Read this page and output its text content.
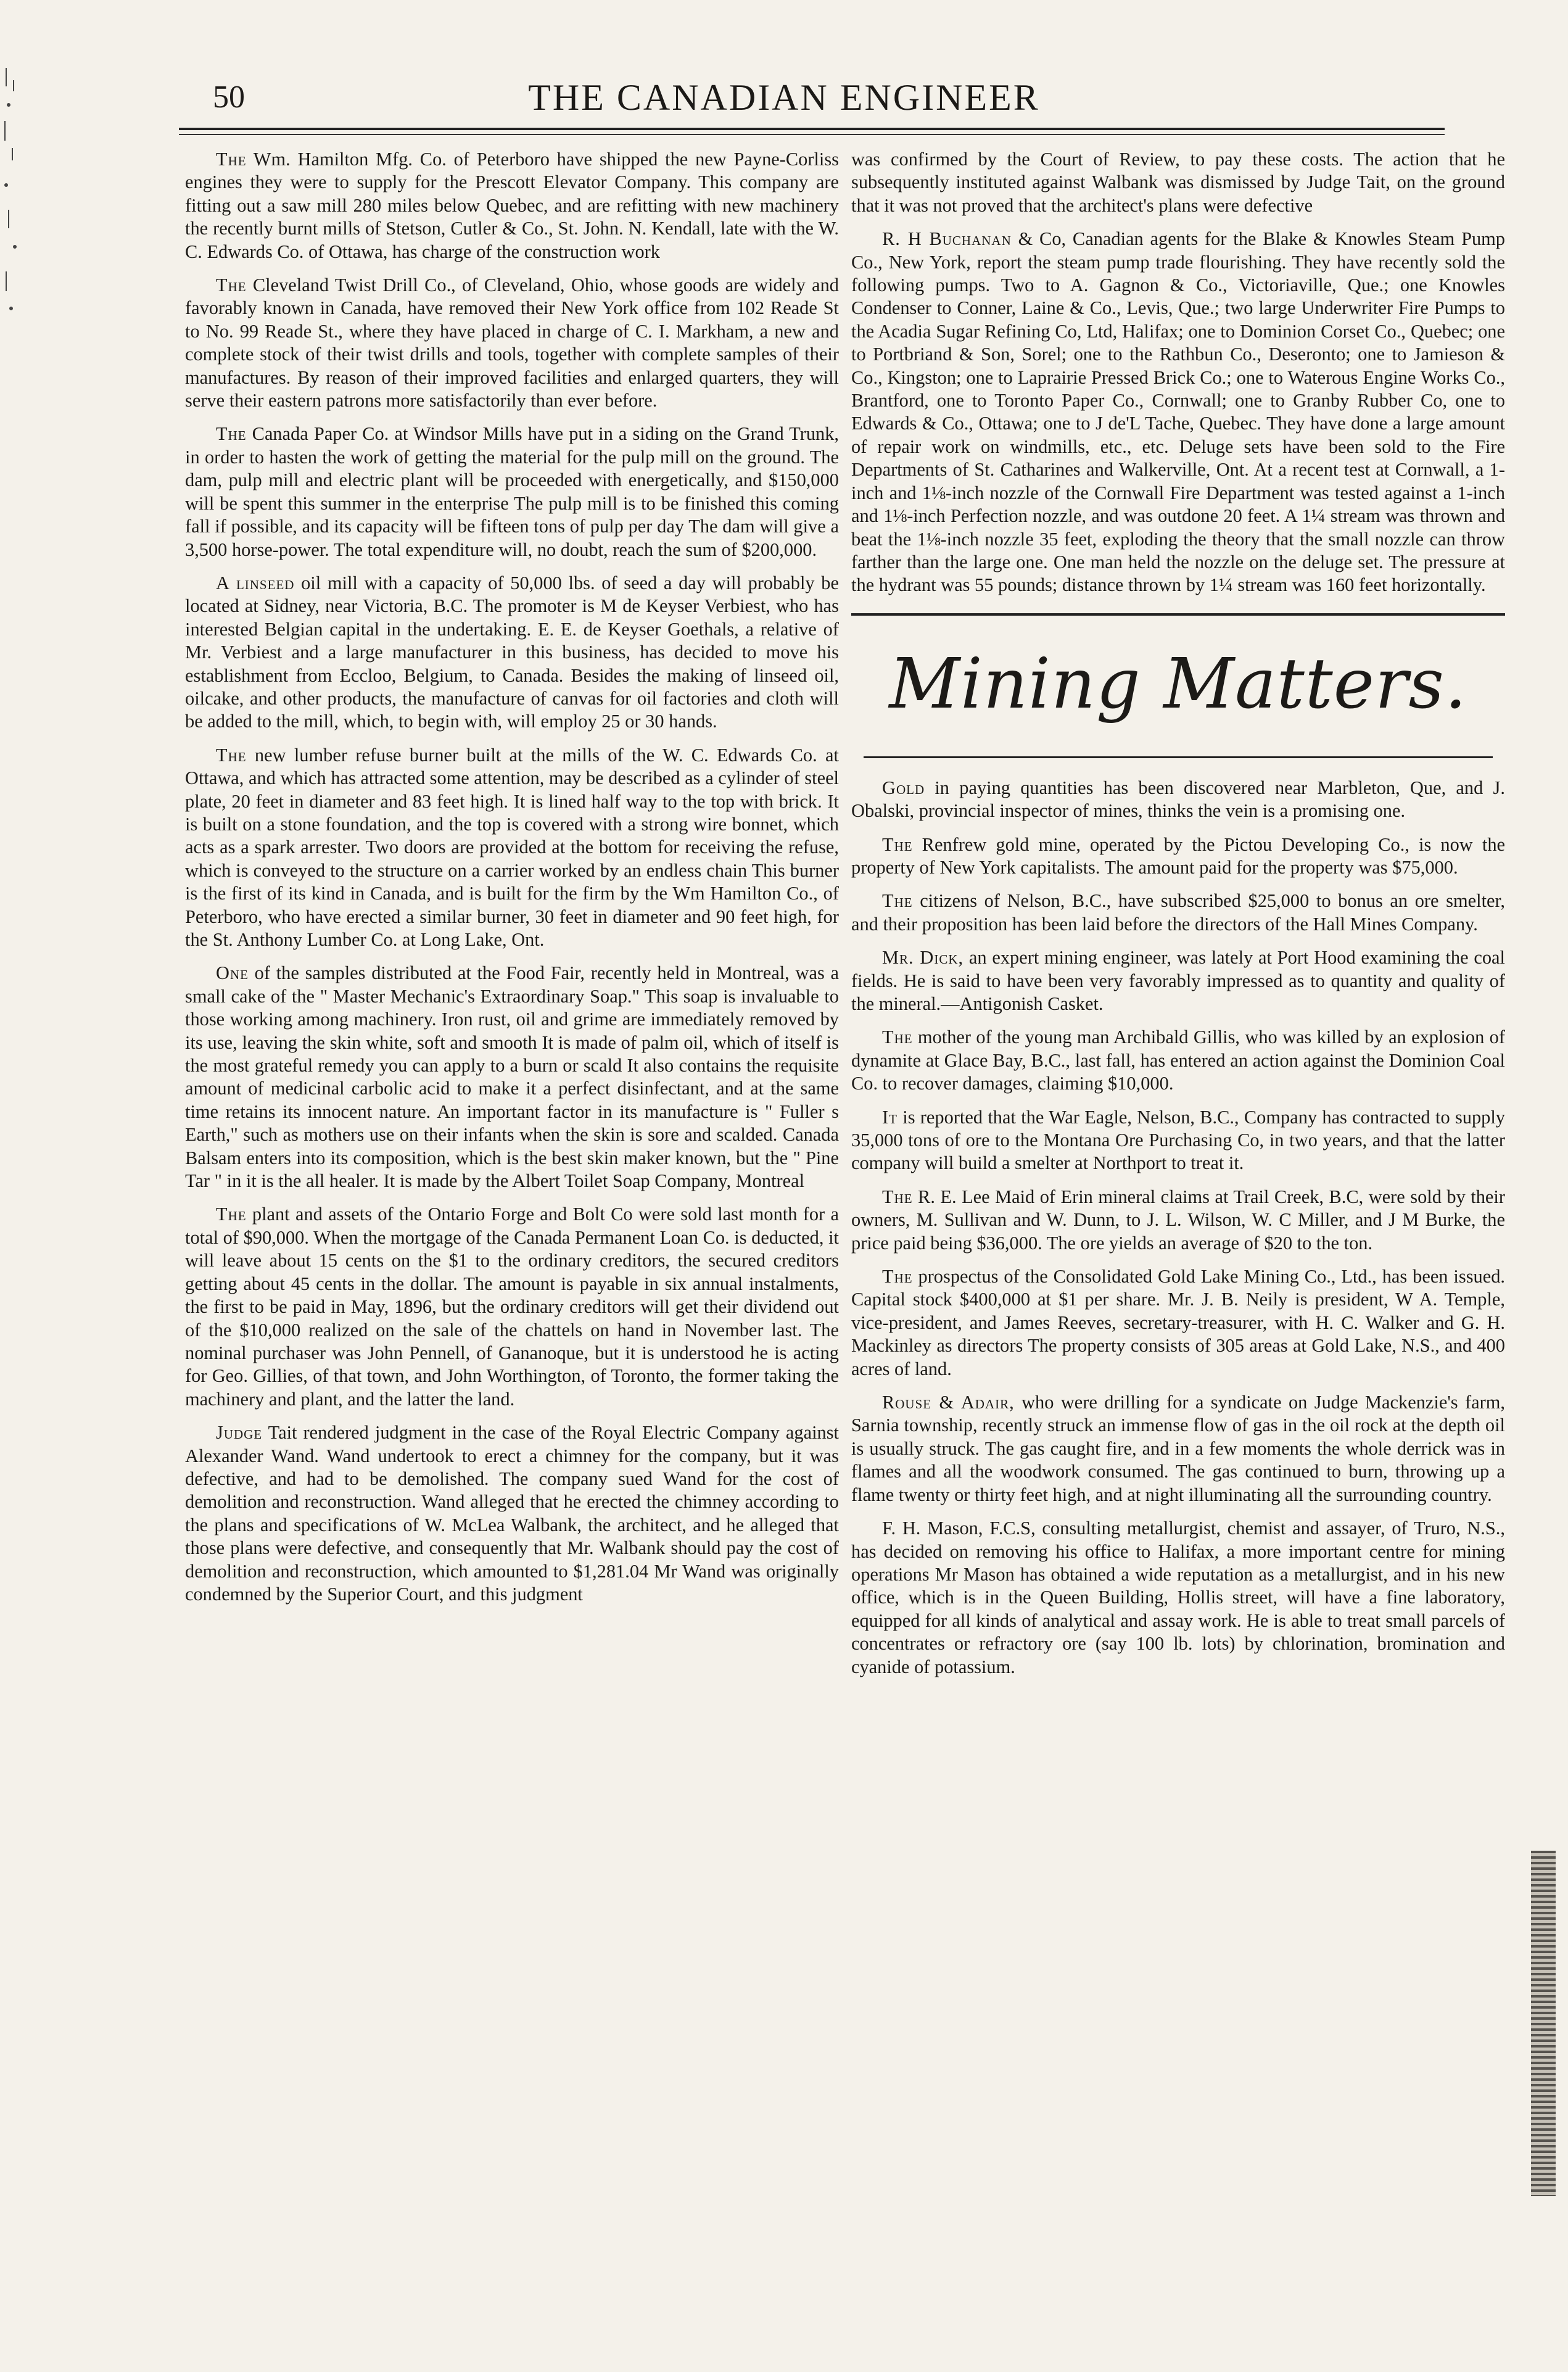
50	THE CANADIAN ENGINEER

The Wm. Hamilton Mfg. Co. of Peterboro have shipped the new Payne-Corliss engines they were to supply for the Prescott Elevator Company. This company are fitting out a saw mill 280 miles below Quebec, and are refitting with new machinery the recently burnt mills of Stetson, Cutler & Co., St. John. N. Kendall, late with the W. C. Edwards Co. of Ottawa, has charge of the construction work

The Cleveland Twist Drill Co., of Cleveland, Ohio, whose goods are widely and favorably known in Canada, have removed their New York office from 102 Reade St to No. 99 Reade St., where they have placed in charge of C. I. Markham, a new and complete stock of their twist drills and tools, together with complete samples of their manufactures. By reason of their improved facilities and enlarged quarters, they will serve their eastern patrons more satisfactorily than ever before.

The Canada Paper Co. at Windsor Mills have put in a siding on the Grand Trunk, in order to hasten the work of getting the material for the pulp mill on the ground. The dam, pulp mill and electric plant will be proceeded with energetically, and $150,000 will be spent this summer in the enterprise The pulp mill is to be finished this coming fall if possible, and its capacity will be fifteen tons of pulp per day The dam will give a 3,500 horse-power. The total expenditure will, no doubt, reach the sum of $200,000.

A linseed oil mill with a capacity of 50,000 lbs. of seed a day will probably be located at Sidney, near Victoria, B.C. The promoter is M de Keyser Verbiest, who has interested Belgian capital in the undertaking. E. E. de Keyser Goethals, a relative of Mr. Verbiest and a large manufacturer in this business, has decided to move his establishment from Eccloo, Belgium, to Canada. Besides the making of linseed oil, oilcake, and other products, the manufacture of canvas for oil factories and cloth will be added to the mill, which, to begin with, will employ 25 or 30 hands.

The new lumber refuse burner built at the mills of the W. C. Edwards Co. at Ottawa, and which has attracted some attention, may be described as a cylinder of steel plate, 20 feet in diameter and 83 feet high. It is lined half way to the top with brick. It is built on a stone foundation, and the top is covered with a strong wire bonnet, which acts as a spark arrester. Two doors are provided at the bottom for receiving the refuse, which is conveyed to the structure on a carrier worked by an endless chain This burner is the first of its kind in Canada, and is built for the firm by the Wm Hamilton Co., of Peterboro, who have erected a similar burner, 30 feet in diameter and 90 feet high, for the St. Anthony Lumber Co. at Long Lake, Ont.

One of the samples distributed at the Food Fair, recently held in Montreal, was a small cake of the " Master Mechanic's Extraordinary Soap." This soap is invaluable to those working among machinery. Iron rust, oil and grime are immediately removed by its use, leaving the skin white, soft and smooth It is made of palm oil, which of itself is the most grateful remedy you can apply to a burn or scald It also contains the requisite amount of medicinal carbolic acid to make it a perfect disinfectant, and at the same time retains its innocent nature. An important factor in its manufacture is " Fuller s Earth," such as mothers use on their infants when the skin is sore and scalded. Canada Balsam enters into its composition, which is the best skin maker known, but the " Pine Tar " in it is the all healer. It is made by the Albert Toilet Soap Company, Montreal

The plant and assets of the Ontario Forge and Bolt Co were sold last month for a total of $90,000. When the mortgage of the Canada Permanent Loan Co. is deducted, it will leave about 15 cents on the $1 to the ordinary creditors, the secured creditors getting about 45 cents in the dollar. The amount is payable in six annual instalments, the first to be paid in May, 1896, but the ordinary creditors will get their dividend out of the $10,000 realized on the sale of the chattels on hand in November last. The nominal purchaser was John Pennell, of Gananoque, but it is understood he is acting for Geo. Gillies, of that town, and John Worthington, of Toronto, the former taking the machinery and plant, and the latter the land.

Judge Tait rendered judgment in the case of the Royal Electric Company against Alexander Wand. Wand undertook to erect a chimney for the company, but it was defective, and had to be demolished. The company sued Wand for the cost of demolition and reconstruction. Wand alleged that he erected the chimney according to the plans and specifications of W. McLea Walbank, the architect, and he alleged that those plans were defective, and consequently that Mr. Walbank should pay the cost of demolition and reconstruction, which amounted to $1,281.04 Mr Wand was originally condemned by the Superior Court, and this judgment

was confirmed by the Court of Review, to pay these costs. The action that he subsequently instituted against Walbank was dismissed by Judge Tait, on the ground that it was not proved that the architect's plans were defective

R. H Buchanan & Co, Canadian agents for the Blake & Knowles Steam Pump Co., New York, report the steam pump trade flourishing. They have recently sold the following pumps. Two to A. Gagnon & Co., Victoriaville, Que.; one Knowles Condenser to Conner, Laine & Co., Levis, Que.; two large Underwriter Fire Pumps to the Acadia Sugar Refining Co, Ltd, Halifax; one to Dominion Corset Co., Quebec; one to Portbriand & Son, Sorel; one to the Rathbun Co., Deseronto; one to Jamieson & Co., Kingston; one to Laprairie Pressed Brick Co.; one to Waterous Engine Works Co., Brantford, one to Toronto Paper Co., Cornwall; one to Granby Rubber Co, one to Edwards & Co., Ottawa; one to J de'L Tache, Quebec. They have done a large amount of repair work on windmills, etc., etc. Deluge sets have been sold to the Fire Departments of St. Catharines and Walkerville, Ont. At a recent test at Cornwall, a 1-inch and 1⅛-inch nozzle of the Cornwall Fire Department was tested against a 1-inch and 1⅛-inch Perfection nozzle, and was outdone 20 feet. A 1¼ stream was thrown and beat the 1⅛-inch nozzle 35 feet, exploding the theory that the small nozzle can throw farther than the large one. One man held the nozzle on the deluge set. The pressure at the hydrant was 55 pounds; distance thrown by 1¼ stream was 160 feet horizontally.

Mining Matters.

Gold in paying quantities has been discovered near Marbleton, Que, and J. Obalski, provincial inspector of mines, thinks the vein is a promising one.

The Renfrew gold mine, operated by the Pictou Developing Co., is now the property of New York capitalists. The amount paid for the property was $75,000.

The citizens of Nelson, B.C., have subscribed $25,000 to bonus an ore smelter, and their proposition has been laid before the directors of the Hall Mines Company.

Mr. Dick, an expert mining engineer, was lately at Port Hood examining the coal fields. He is said to have been very favorably impressed as to quantity and quality of the mineral.—Antigonish Casket.

The mother of the young man Archibald Gillis, who was killed by an explosion of dynamite at Glace Bay, B.C., last fall, has entered an action against the Dominion Coal Co. to recover damages, claiming $10,000.

It is reported that the War Eagle, Nelson, B.C., Company has contracted to supply 35,000 tons of ore to the Montana Ore Purchasing Co, in two years, and that the latter company will build a smelter at Northport to treat it.

The R. E. Lee Maid of Erin mineral claims at Trail Creek, B.C, were sold by their owners, M. Sullivan and W. Dunn, to J. L. Wilson, W. C Miller, and J M Burke, the price paid being $36,000. The ore yields an average of $20 to the ton.

The prospectus of the Consolidated Gold Lake Mining Co., Ltd., has been issued. Capital stock $400,000 at $1 per share. Mr. J. B. Neily is president, W A. Temple, vice-president, and James Reeves, secretary-treasurer, with H. C. Walker and G. H. Mackinley as directors The property consists of 305 areas at Gold Lake, N.S., and 400 acres of land.

Rouse & Adair, who were drilling for a syndicate on Judge Mackenzie's farm, Sarnia township, recently struck an immense flow of gas in the oil rock at the depth oil is usually struck. The gas caught fire, and in a few moments the whole derrick was in flames and all the woodwork consumed. The gas continued to burn, throwing up a flame twenty or thirty feet high, and at night illuminating all the surrounding country.

F. H. Mason, F.C.S, consulting metallurgist, chemist and assayer, of Truro, N.S., has decided on removing his office to Halifax, a more important centre for mining operations Mr Mason has obtained a wide reputation as a metallurgist, and in his new office, which is in the Queen Building, Hollis street, will have a fine laboratory, equipped for all kinds of analytical and assay work. He is able to treat small parcels of concentrates or refractory ore (say 100 lb. lots) by chlorination, bromination and cyanide of potassium.
